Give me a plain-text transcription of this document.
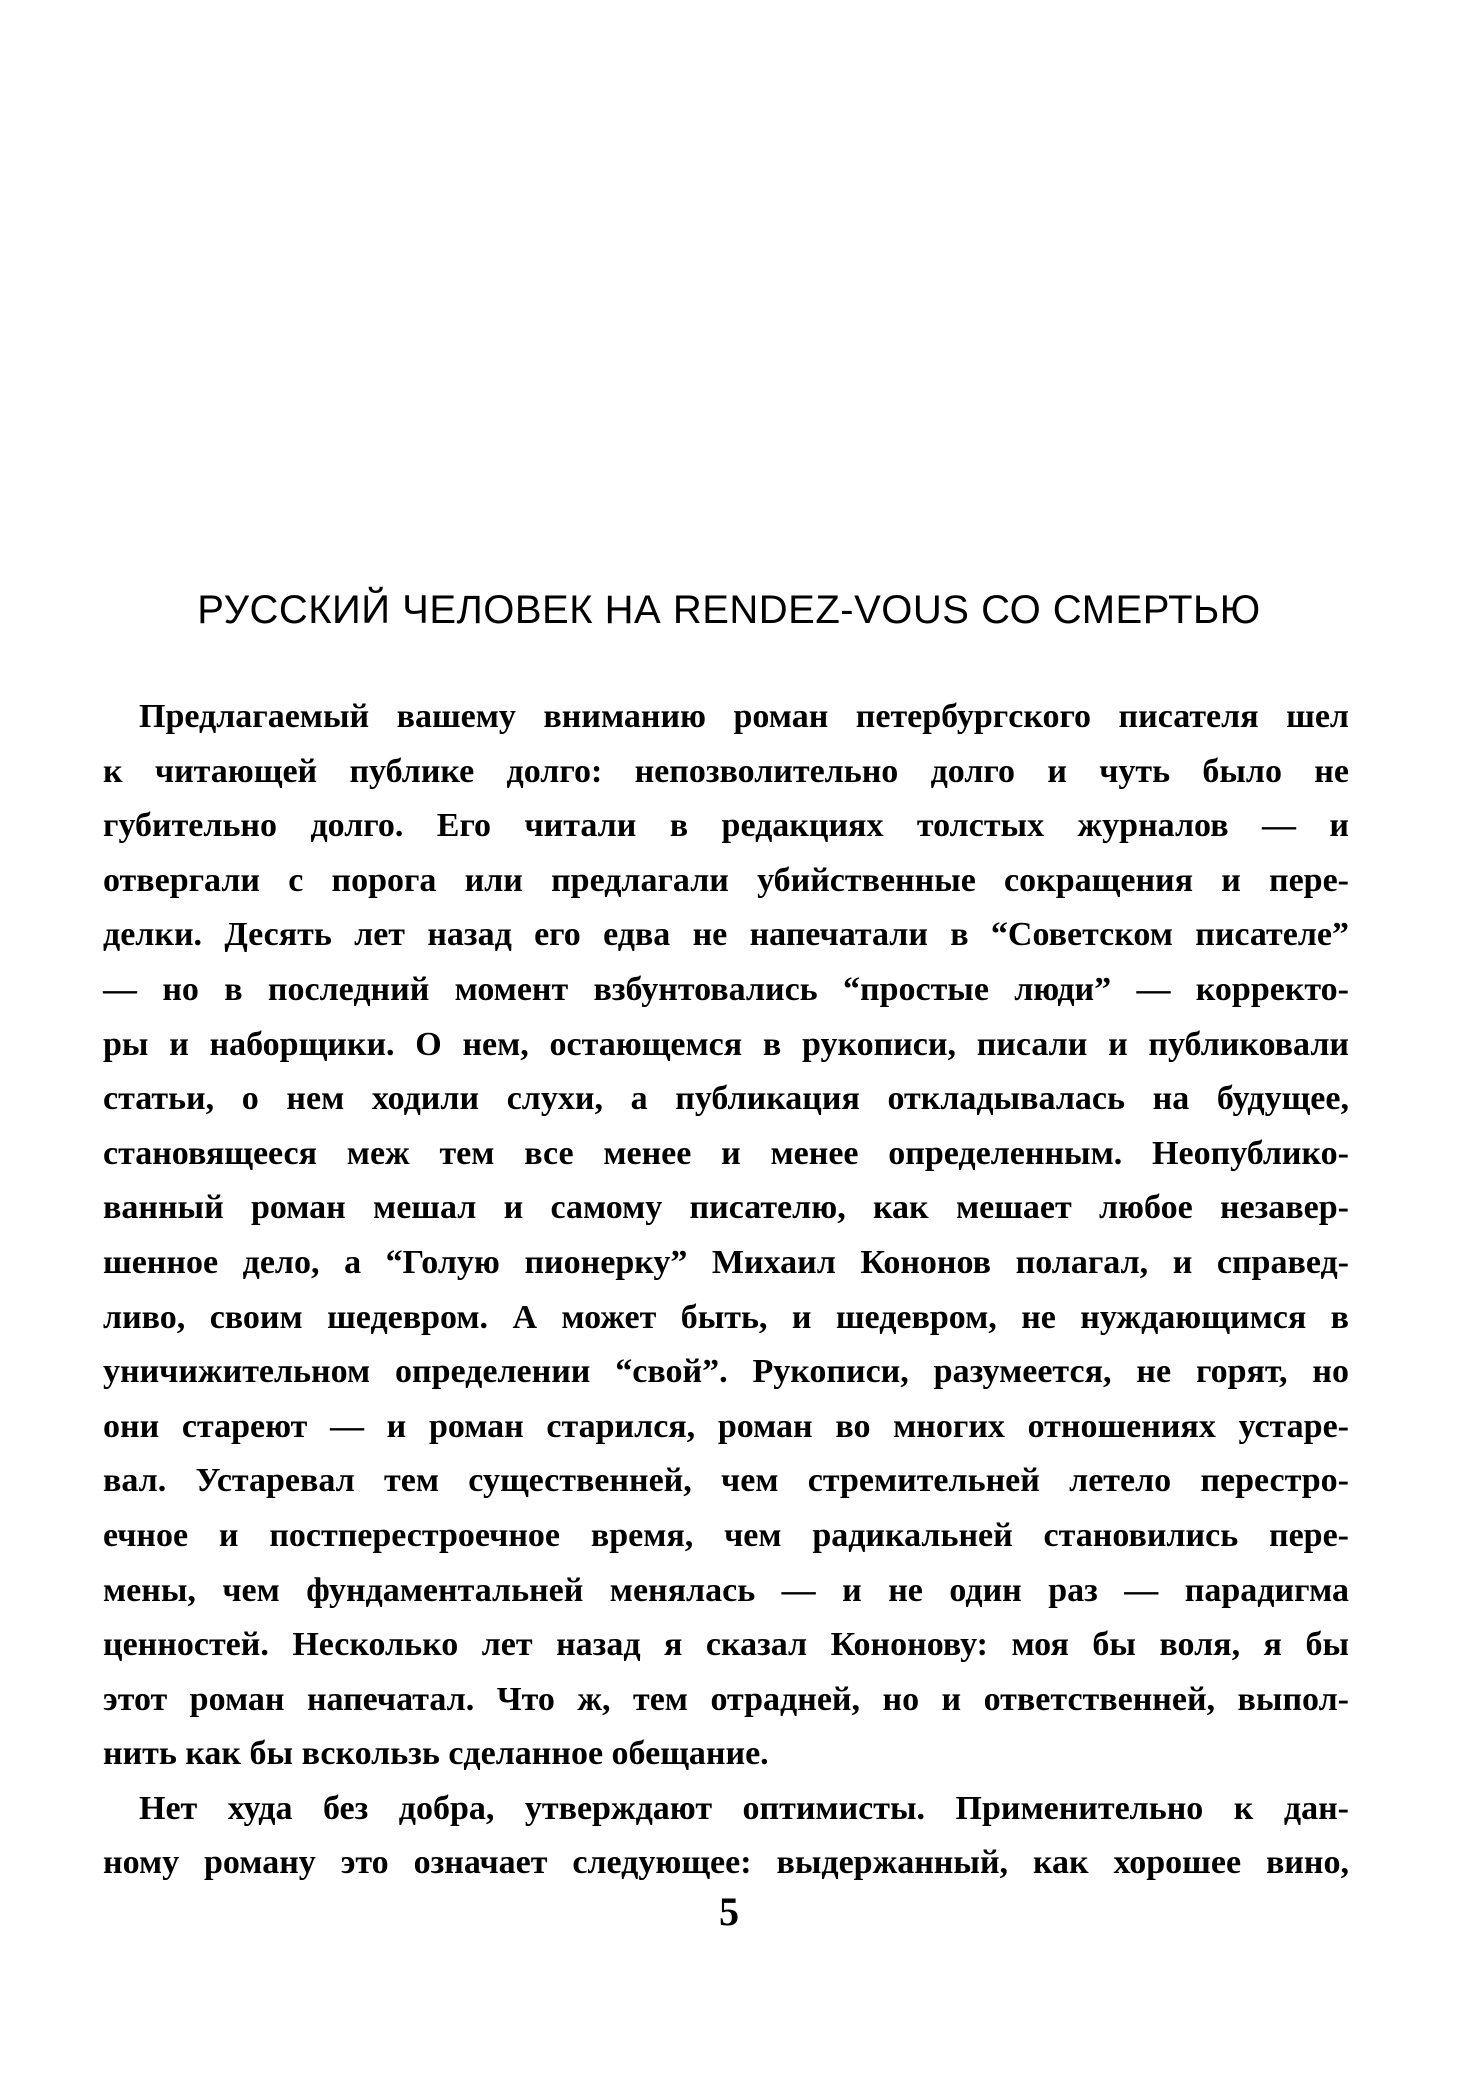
РУССКИЙ ЧЕЛОВЕК НА RENDEZ-VOUS СО СМЕРТЬЮ
Предлагаемый вашему вниманию роман петербургского писателя шел
к читающей публике долго: непозволительно долго и чуть было не
губительно долго. Его читали в редакциях толстых журналов — и
отвергали с порога или предлагали убийственные сокращения и пере-
делки. Десять лет назад его едва не напечатали в “Советском писателе”
— но в последний момент взбунтовались “простые люди” — корректо-
ры и наборщики. О нем, остающемся в рукописи, писали и публиковали
статьи, о нем ходили слухи, а публикация откладывалась на будущее,
становящееся меж тем все менее и менее определенным. Неопублико-
ванный роман мешал и самому писателю, как мешает любое незавер-
шенное дело, а “Голую пионерку” Михаил Кононов полагал, и справед-
ливо, своим шедевром. А может быть, и шедевром, не нуждающимся в
уничижительном определении “свой”. Рукописи, разумеется, не горят, но
они стареют — и роман старился, роман во многих отношениях устаре-
вал. Устаревал тем существенней, чем стремительней летело перестро-
ечное и постперестроечное время, чем радикальней становились пере-
мены, чем фундаментальней менялась — и не один раз — парадигма
ценностей. Несколько лет назад я сказал Кононову: моя бы воля, я бы
этот роман напечатал. Что ж, тем отрадней, но и ответственней, выпол-
нить как бы вскользь сделанное обещание.
Нет худа без добра, утверждают оптимисты. Применительно к дан-
ному роману это означает следующее: выдержанный, как хорошее вино,
5
